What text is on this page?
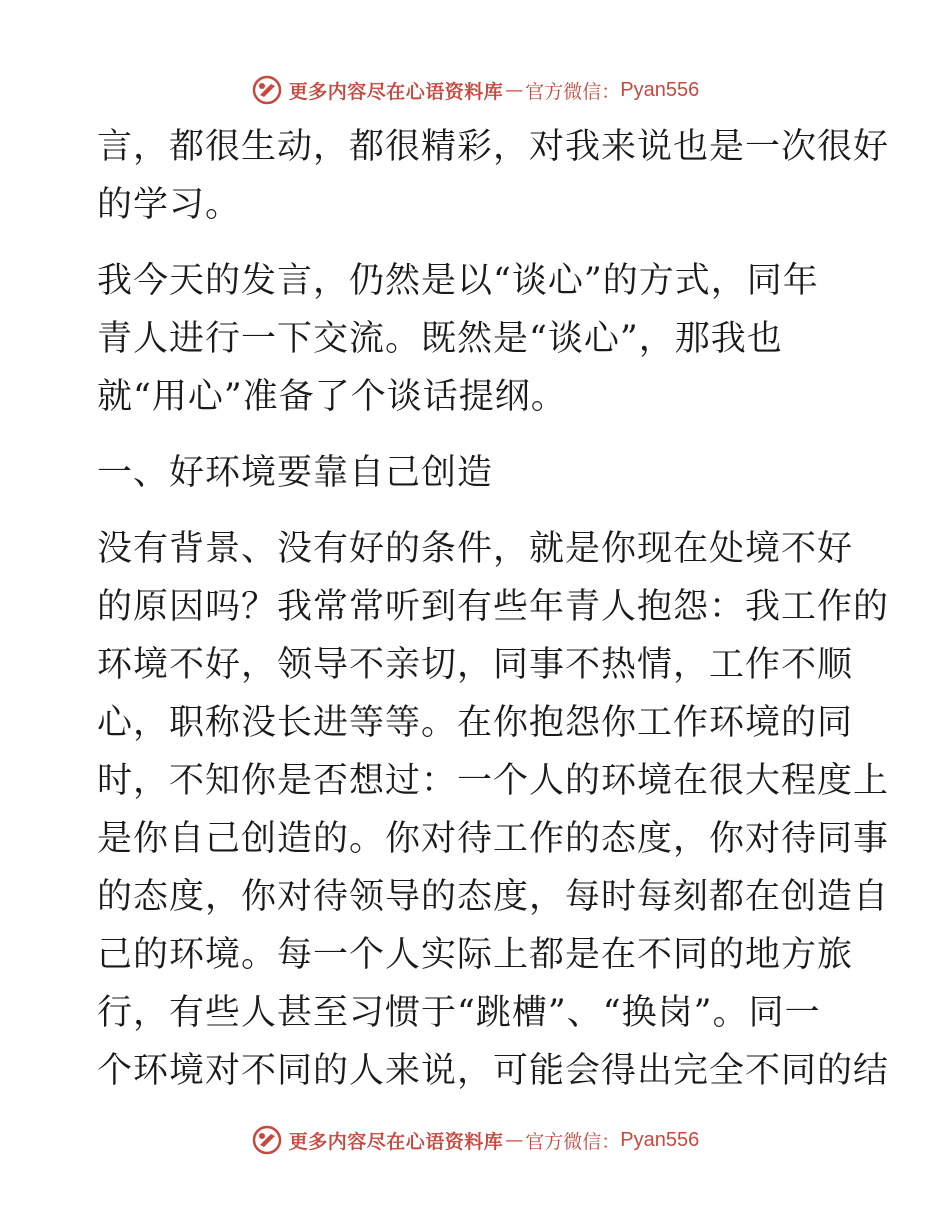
更多内容尽在心语资料库 — 官方微信： Pyan556
言，都很生动，都很精彩，对我来说也是一次很好
的学习。
我今天的发言，仍然是以“谈心”的方式，同年
青人进行一下交流。既然是“谈心”，那我也
就“用心”准备了个谈话提纲。
一、好环境要靠自己创造
没有背景、没有好的条件，就是你现在处境不好
的原因吗？我常常听到有些年青人抱怨：我工作的
环境不好，领导不亲切，同事不热情，工作不顺
心，职称没长进等等。在你抱怨你工作环境的同
时，不知你是否想过：一个人的环境在很大程度上
是你自己创造的。你对待工作的态度，你对待同事
的态度，你对待领导的态度，每时每刻都在创造自
己的环境。每一个人实际上都是在不同的地方旅
行，有些人甚至习惯于“跳槽”、“换岗”。同一
个环境对不同的人来说，可能会得出完全不同的结
更多内容尽在心语资料库 — 官方微信： Pyan556
